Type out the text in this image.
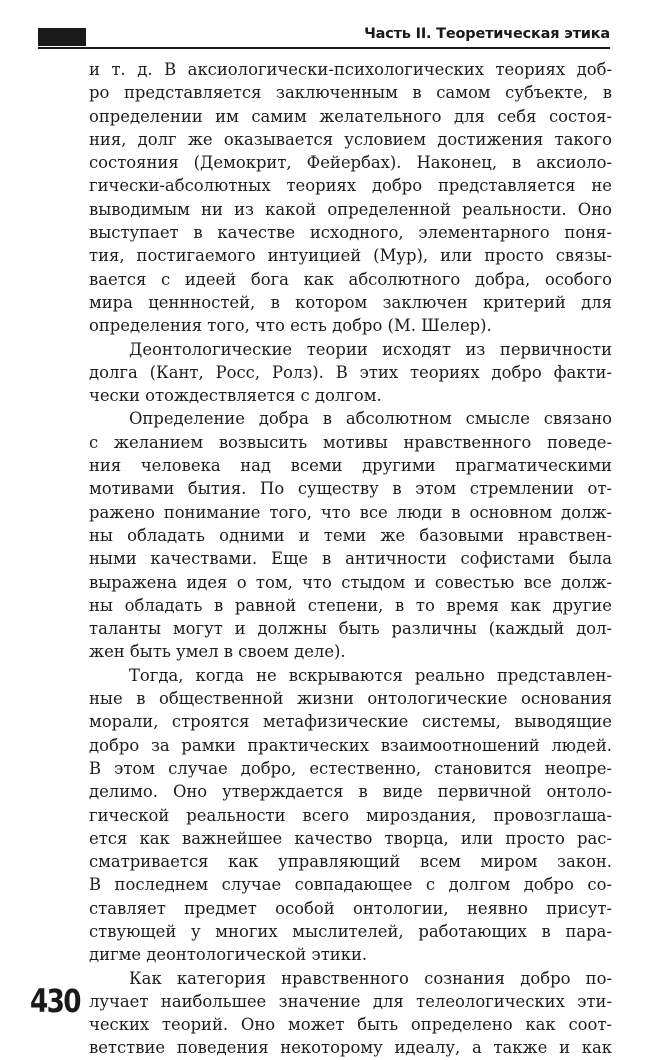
Часть II. Теоретическая этика
и т. д. В аксиологически-психологических теориях доб-
ро представляется заключенным в самом субъекте, в
определении им самим желательного для себя состоя-
ния, долг же оказывается условием достижения такого
состояния (Демокрит, Фейербах). Наконец, в аксиоло-
гически-абсолютных теориях добро представляется не
выводимым ни из какой определенной реальности. Оно
выступает в качестве исходного, элементарного поня-
тия, постигаемого интуицией (Мур), или просто связы-
вается с идеей бога как абсолютного добра, особого
мира ценнностей, в котором заключен критерий для
определения того, что есть добро (М. Шелер).
Деонтологические теории исходят из первичности
долга (Кант, Росс, Ролз). В этих теориях добро факти-
чески отождествляется с долгом.
Определение добра в абсолютном смысле связано
с желанием возвысить мотивы нравственного поведе-
ния человека над всеми другими прагматическими
мотивами бытия. По существу в этом стремлении от-
ражено понимание того, что все люди в основном долж-
ны обладать одними и теми же базовыми нравствен-
ными качествами. Еще в античности софистами была
выражена идея о том, что стыдом и совестью все долж-
ны обладать в равной степени, в то время как другие
таланты могут и должны быть различны (каждый дол-
жен быть умел в своем деле).
Тогда, когда не вскрываются реально представлен-
ные в общественной жизни онтологические основания
морали, строятся метафизические системы, выводящие
добро за рамки практических взаимоотношений людей.
В этом случае добро, естественно, становится неопре-
делимо. Оно утверждается в виде первичной онтоло-
гической реальности всего мироздания, провозглаша-
ется как важнейшее качество творца, или просто рас-
сматривается как управляющий всем миром закон.
В последнем случае совпадающее с долгом добро со-
ставляет предмет особой онтологии, неявно присут-
ствующей у многих мыслителей, работающих в пара-
дигме деонтологической этики.
Как категория нравственного сознания добро по-
лучает наибольшее значение для телеологических эти-
ческих теорий. Оно может быть определено как соот-
ветствие поведения некоторому идеалу, а также и как
430
